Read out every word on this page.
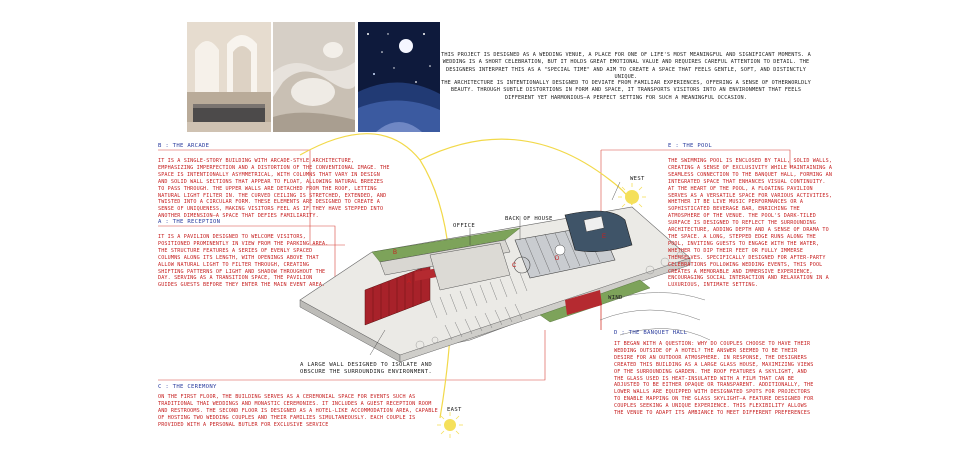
THIS PROJECT IS DESIGNED AS A WEDDING VENUE, A PLACE FOR ONE OF LIFE'S MOST MEANINGFUL AND SIGNIFICANT MOMENTS. A WEDDING IS A SHORT CELEBRATION, BUT IT HOLDS GREAT EMOTIONAL VALUE AND REQUIRES CAREFUL ATTENTION TO DETAIL. THE DESIGNERS INTERPRET THIS AS A "SPECIAL TIME" AND AIM TO CREATE A SPACE THAT FEELS GENTLE, SOFT, AND DISTINCTLY UNIQUE.
THE ARCHITECTURE IS INTENTIONALLY DESIGNED TO DEVIATE FROM FAMILIAR EXPERIENCES, OFFERING A SENSE OF OTHERWORLDLY BEAUTY. THROUGH SUBTLE DISTORTIONS IN FORM AND SPACE, IT TRANSPORTS VISITORS INTO AN ENVIRONMENT THAT FEELS DIFFERENT YET HARMONIOUS—A PERFECT SETTING FOR SUCH A MEANINGFUL OCCASION.
B
A
C
D
E
B : THE ARCADE
IT IS A SINGLE-STORY BUILDING WITH ARCADE-STYLE ARCHITECTURE, EMPHASIZING IMPERFECTION AND A DISTORTION OF THE CONVENTIONAL IMAGE. THE SPACE IS INTENTIONALLY ASYMMETRICAL, WITH COLUMNS THAT VARY IN DESIGN AND SOLID WALL SECTIONS THAT APPEAR TO FLOAT, ALLOWING NATURAL BREEZES TO PASS THROUGH. THE UPPER WALLS ARE DETACHED FROM THE ROOF, LETTING NATURAL LIGHT FILTER IN. THE CURVED CEILING IS STRETCHED, EXTENDED, AND TWISTED INTO A CIRCULAR FORM. THESE ELEMENTS ARE DESIGNED TO CREATE A SENSE OF UNIQUENESS, MAKING VISITORS FEEL AS IF THEY HAVE STEPPED INTO ANOTHER DIMENSION—A SPACE THAT DEFIES FAMILIARITY.
A : THE RECEPTION
IT IS A PAVILION DESIGNED TO WELCOME VISITORS, POSITIONED PROMINENTLY IN VIEW FROM THE PARKING AREA. THE STRUCTURE FEATURES A SERIES OF EVENLY SPACED COLUMNS ALONG ITS LENGTH, WITH OPENINGS ABOVE THAT ALLOW NATURAL LIGHT TO FILTER THROUGH, CREATING SHIFTING PATTERNS OF LIGHT AND SHADOW THROUGHOUT THE DAY. SERVING AS A TRANSITION SPACE, THE PAVILION GUIDES GUESTS BEFORE THEY ENTER THE MAIN EVENT AREA.
C : THE CEREMONY
ON THE FIRST FLOOR, THE BUILDING SERVES AS A CEREMONIAL SPACE FOR EVENTS SUCH AS TRADITIONAL THAI WEDDINGS AND MONASTIC CEREMONIES. IT INCLUDES A GUEST RECEPTION ROOM AND RESTROOMS. THE SECOND FLOOR IS DESIGNED AS A HOTEL-LIKE ACCOMMODATION AREA, CAPABLE OF HOSTING TWO WEDDING COUPLES AND THEIR FAMILIES SIMULTANEOUSLY. EACH COUPLE IS PROVIDED WITH A PERSONAL BUTLER FOR EXCLUSIVE SERVICE
E : THE POOL
THE SWIMMING POOL IS ENCLOSED BY TALL, SOLID WALLS, CREATING A SENSE OF EXCLUSIVITY WHILE MAINTAINING A SEAMLESS CONNECTION TO THE BANQUET HALL, FORMING AN INTEGRATED SPACE THAT ENHANCES VISUAL CONTINUITY. AT THE HEART OF THE POOL, A FLOATING PAVILION SERVES AS A VERSATILE SPACE FOR VARIOUS ACTIVITIES, WHETHER IT BE LIVE MUSIC PERFORMANCES OR A SOPHISTICATED BEVERAGE BAR, ENRICHING THE ATMOSPHERE OF THE VENUE. THE POOL'S DARK-TILED SURFACE IS DESIGNED TO REFLECT THE SURROUNDING ARCHITECTURE, ADDING DEPTH AND A SENSE OF DRAMA TO THE SPACE. A LONG, STEPPED EDGE RUNS ALONG THE POOL, INVITING GUESTS TO ENGAGE WITH THE WATER, WHETHER TO DIP THEIR FEET OR FULLY IMMERSE THEMSELVES. SPECIFICALLY DESIGNED FOR AFTER-PARTY CELEBRATIONS FOLLOWING WEDDING EVENTS, THIS POOL CREATES A MEMORABLE AND IMMERSIVE EXPERIENCE, ENCOURAGING SOCIAL INTERACTION AND RELAXATION IN A LUXURIOUS, INTIMATE SETTING.
D : THE BANQUET HALL
IT BEGAN WITH A QUESTION: WHY DO COUPLES CHOOSE TO HAVE THEIR WEDDING OUTSIDE OF A HOTEL? THE ANSWER SEEMED TO BE THEIR DESIRE FOR AN OUTDOOR ATMOSPHERE. IN RESPONSE, THE DESIGNERS CREATED THIS BUILDING AS A LARGE GLASS HOUSE, MAXIMIZING VIEWS OF THE SURROUNDING GARDEN. THE ROOF FEATURES A SKYLIGHT, AND THE GLASS USED IS HEAT-INSULATED WITH A FILM THAT CAN BE ADJUSTED TO BE EITHER OPAQUE OR TRANSPARENT. ADDITIONALLY, THE LOWER WALLS ARE EQUIPPED WITH DESIGNATED SPOTS FOR PROJECTORS TO ENABLE MAPPING ON THE GLASS SKYLIGHT—A FEATURE DESIGNED FOR COUPLES SEEKING A UNIQUE EXPERIENCE. THIS FLEXIBILITY ALLOWS THE VENUE TO ADAPT ITS AMBIANCE TO MEET DIFFERENT PREFERENCES
BACK OF HOUSE
OFFICE
WEST
EAST
WIND
A LARGE WALL DESIGNED TO ISOLATE AND OBSCURE THE SURROUNDING ENVIRONMENT.
